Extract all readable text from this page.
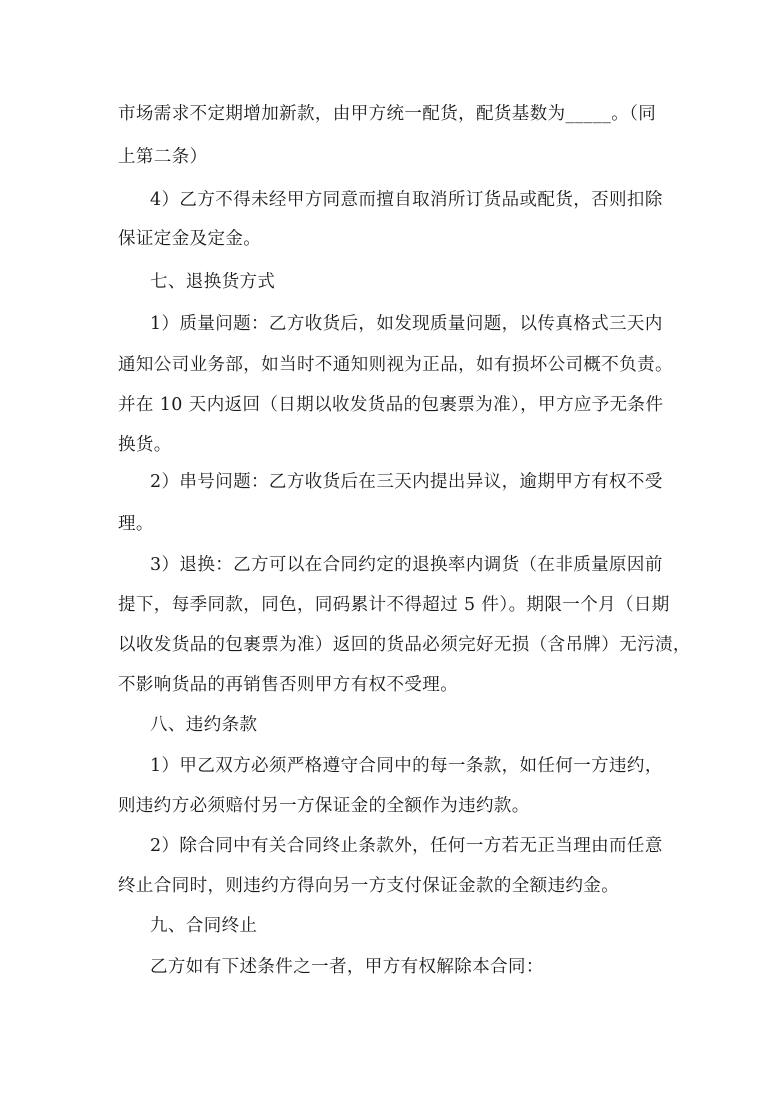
市场需求不定期增加新款，由甲方统一配货，配货基数为_____。（同
上第二条）
4）乙方不得未经甲方同意而擅自取消所订货品或配货，否则扣除
保证定金及定金。
七、退换货方式
1）质量问题：乙方收货后，如发现质量问题，以传真格式三天内
通知公司业务部，如当时不通知则视为正品，如有损坏公司概不负责。
并在 10 天内返回（日期以收发货品的包裹票为准），甲方应予无条件
换货。
2）串号问题：乙方收货后在三天内提出异议，逾期甲方有权不受
理。
3）退换：乙方可以在合同约定的退换率内调货（在非质量原因前
提下，每季同款，同色，同码累计不得超过 5 件）。期限一个月（日期
以收发货品的包裹票为准）返回的货品必须完好无损（含吊牌）无污渍，
不影响货品的再销售否则甲方有权不受理。
八、违约条款
1）甲乙双方必须严格遵守合同中的每一条款，如任何一方违约，
则违约方必须赔付另一方保证金的全额作为违约款。
2）除合同中有关合同终止条款外，任何一方若无正当理由而任意
终止合同时，则违约方得向另一方支付保证金款的全额违约金。
九、合同终止
乙方如有下述条件之一者，甲方有权解除本合同：
